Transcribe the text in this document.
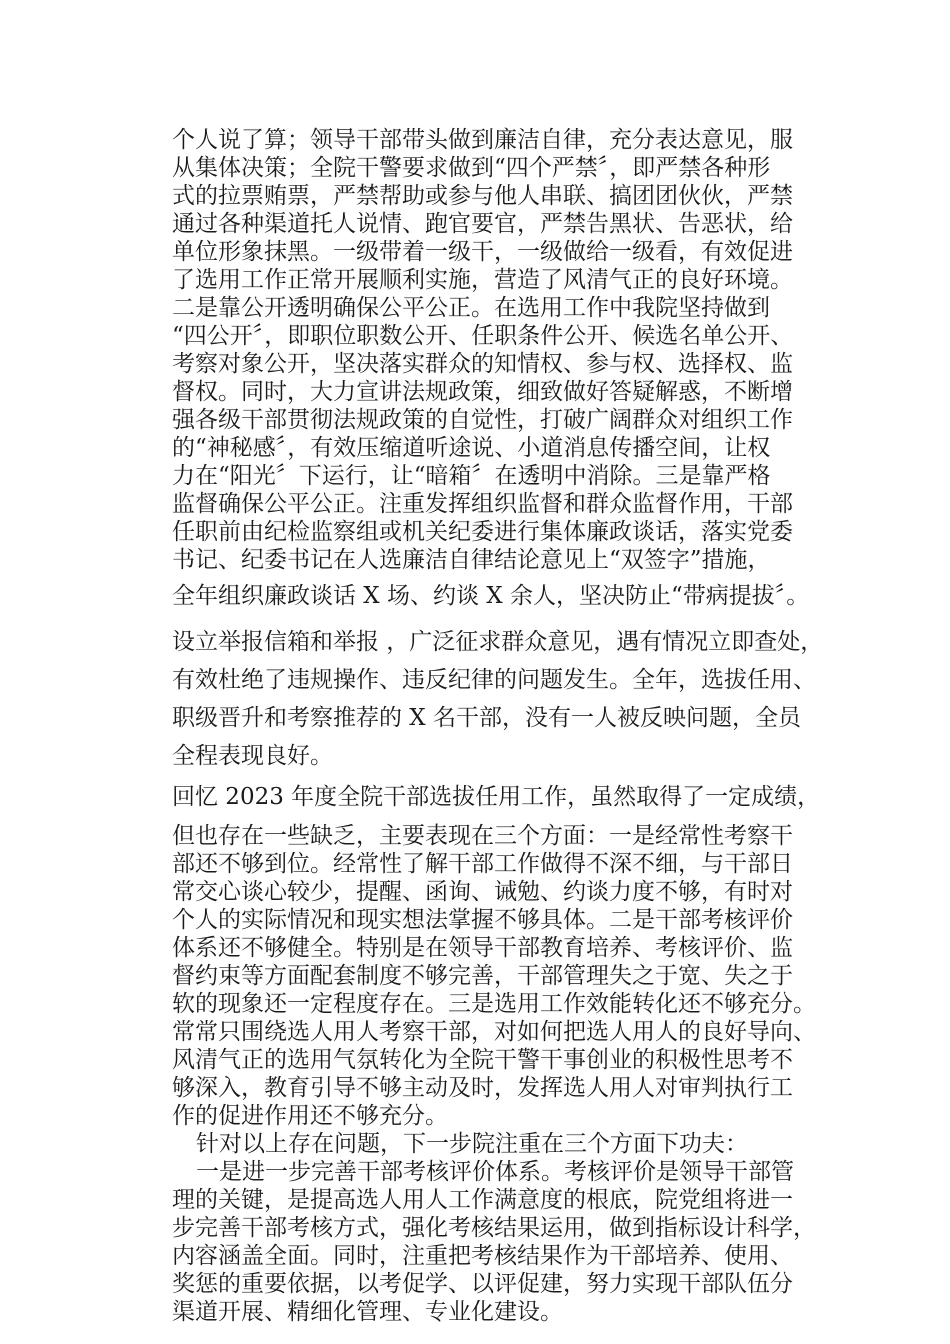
个人说了算；领导干部带头做到廉洁自律，充分表达意见，服
从集体决策；全院干警要求做到“四个严禁〞，即严禁各种形
式的拉票贿票，严禁帮助或参与他人串联、搞团团伙伙，严禁
通过各种渠道托人说情、跑官要官，严禁告黑状、告恶状，给
单位形象抹黑。一级带着一级干，一级做给一级看，有效促进
了选用工作正常开展顺利实施，营造了风清气正的良好环境。
二是靠公开透明确保公平公正。在选用工作中我院坚持做到
“四公开〞，即职位职数公开、任职条件公开、候选名单公开、
考察对象公开，坚决落实群众的知情权、参与权、选择权、监
督权。同时，大力宣讲法规政策，细致做好答疑解惑，不断增
强各级干部贯彻法规政策的自觉性，打破广阔群众对组织工作
的“神秘感〞，有效压缩道听途说、小道消息传播空间，让权
力在“阳光〞下运行，让“暗箱〞在透明中消除。三是靠严格
监督确保公平公正。注重发挥组织监督和群众监督作用，干部
任职前由纪检监察组或机关纪委进行集体廉政谈话，落实党委
书记、纪委书记在人选廉洁自律结论意见上“双签字”措施，
全年组织廉政谈话 X 场、约谈 X 余人，坚决防止“带病提拔〞。
设立举报信箱和举报 ，广泛征求群众意见，遇有情况立即查处，
有效杜绝了违规操作、违反纪律的问题发生。全年，选拔任用、
职级晋升和考察推荐的 X 名干部，没有一人被反映问题，全员
全程表现良好。
回忆 2023 年度全院干部选拔任用工作，虽然取得了一定成绩，
但也存在一些缺乏，主要表现在三个方面：一是经常性考察干
部还不够到位。经常性了解干部工作做得不深不细，与干部日
常交心谈心较少，提醒、函询、诫勉、约谈力度不够，有时对
个人的实际情况和现实想法掌握不够具体。二是干部考核评价
体系还不够健全。特别是在领导干部教育培养、考核评价、监
督约束等方面配套制度不够完善，干部管理失之于宽、失之于
软的现象还一定程度存在。三是选用工作效能转化还不够充分。
常常只围绕选人用人考察干部，对如何把选人用人的良好导向、
风清气正的选用气氛转化为全院干警干事创业的积极性思考不
够深入，教育引导不够主动及时，发挥选人用人对审判执行工
作的促进作用还不够充分。
针对以上存在问题，下一步院注重在三个方面下功夫：
一是进一步完善干部考核评价体系。考核评价是领导干部管
理的关键，是提高选人用人工作满意度的根底，院党组将进一
步完善干部考核方式，强化考核结果运用，做到指标设计科学，
内容涵盖全面。同时，注重把考核结果作为干部培养、使用、
奖惩的重要依据，以考促学、以评促建，努力实现干部队伍分
渠道开展、精细化管理、专业化建设。
